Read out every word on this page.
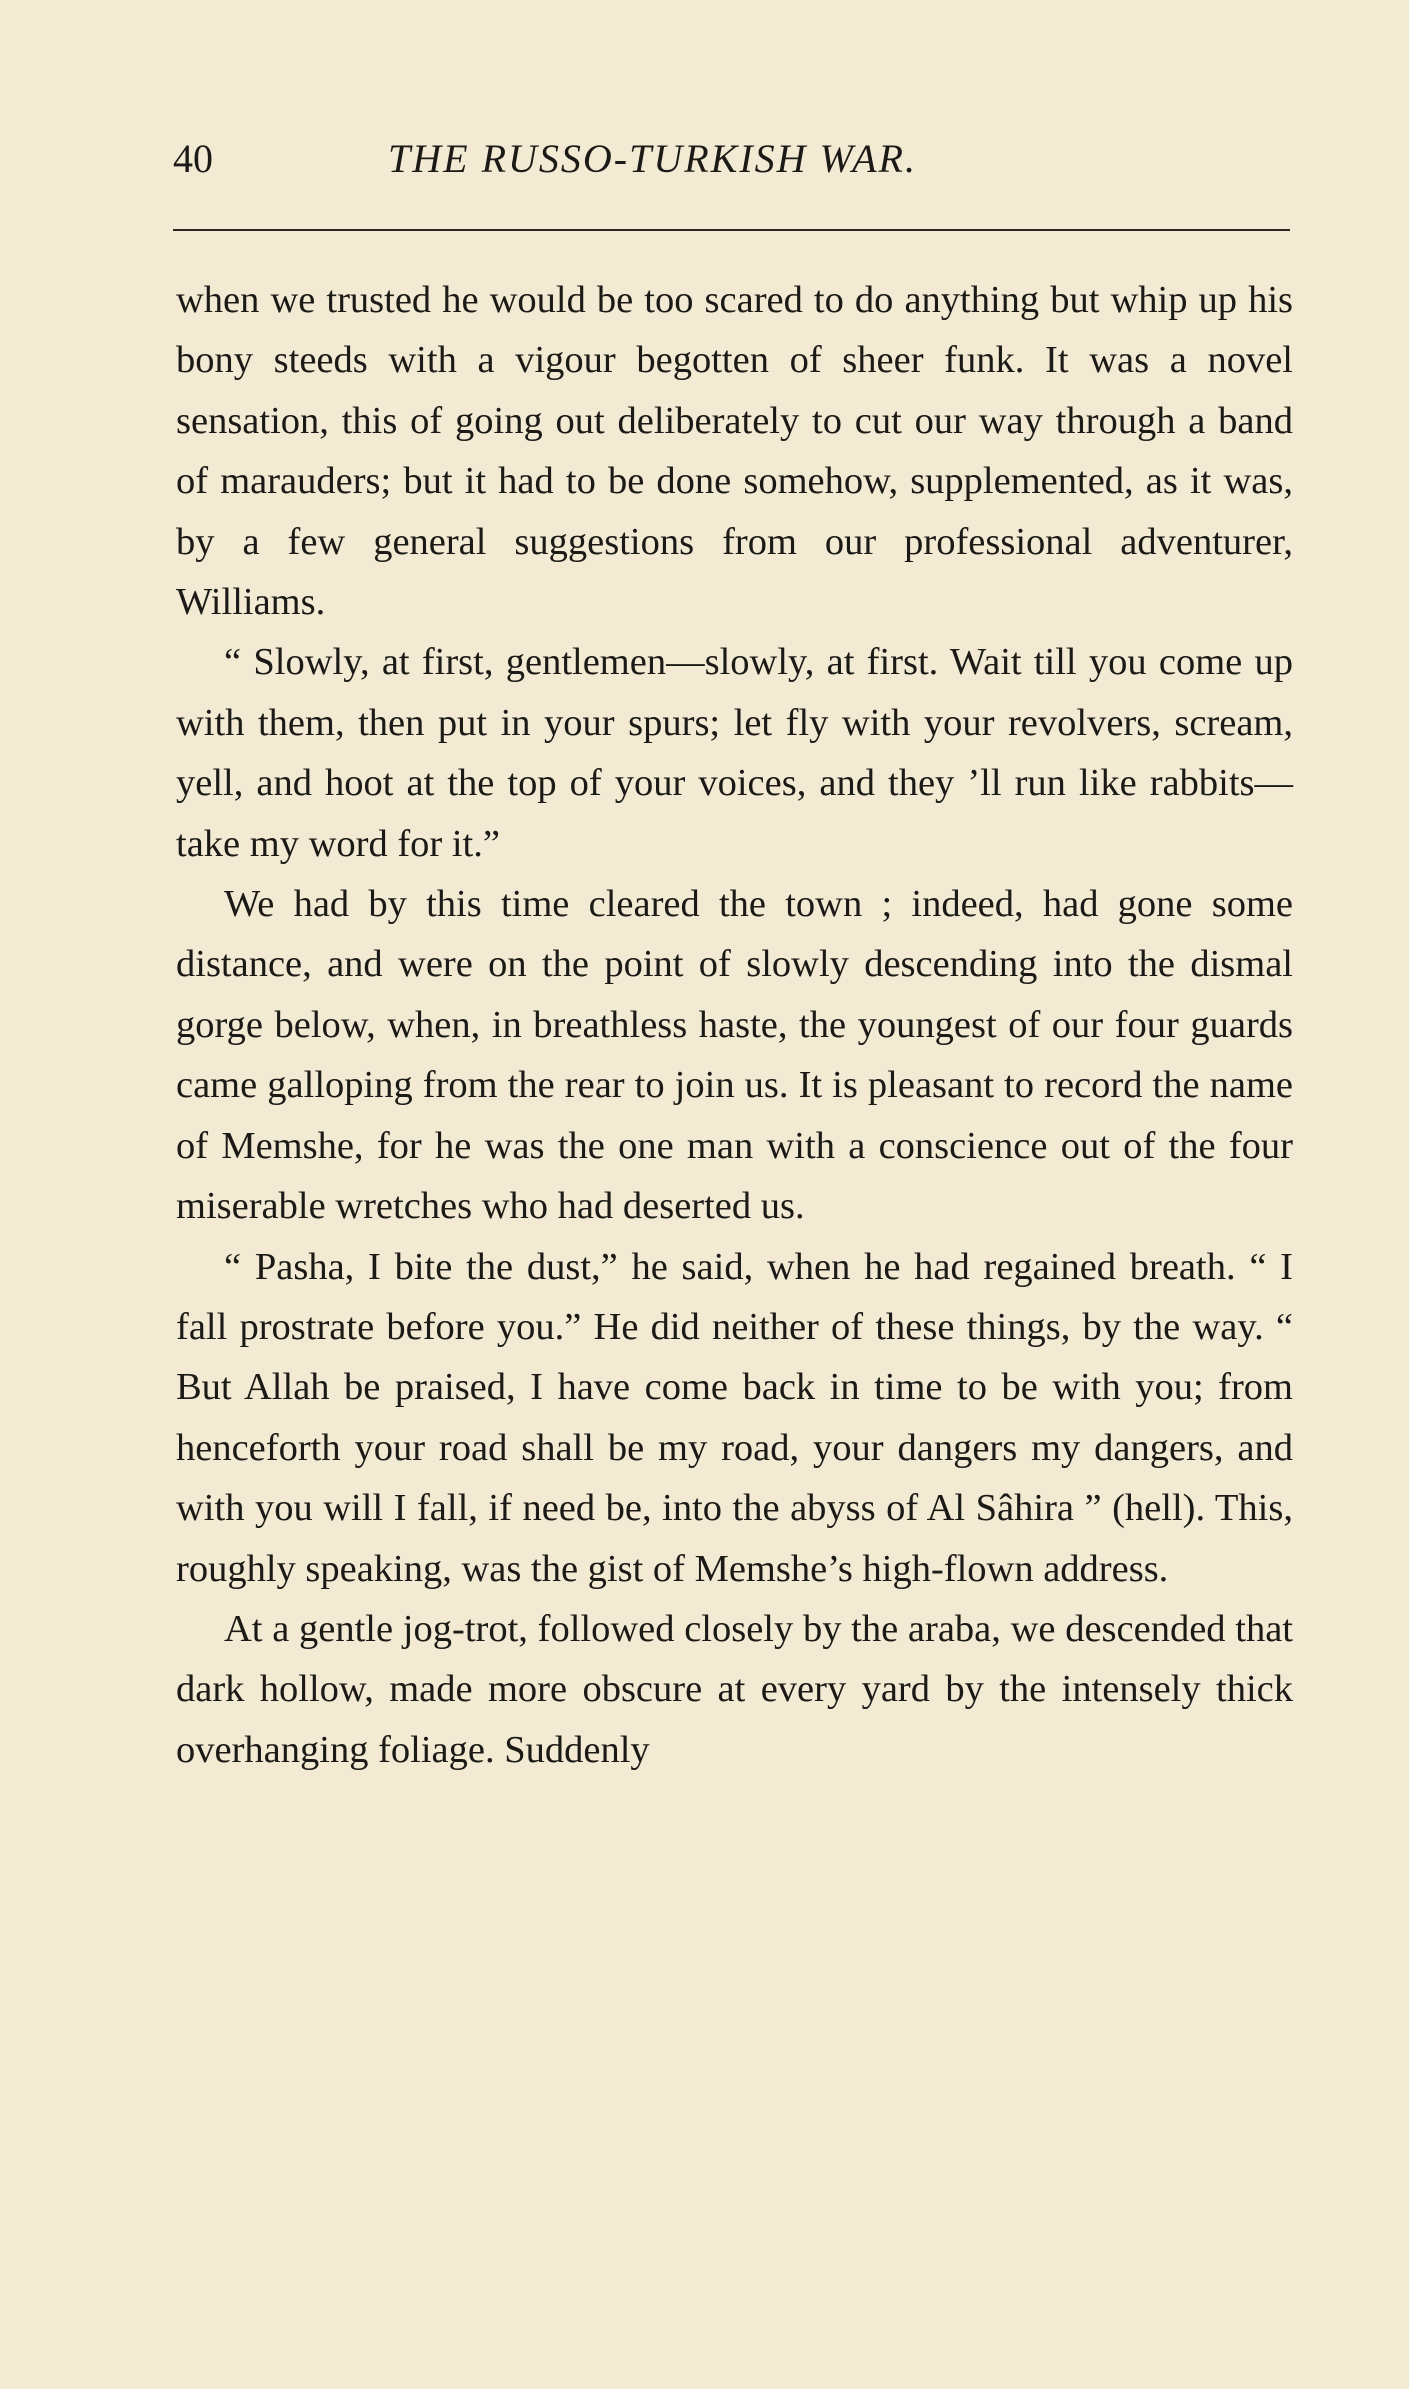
40	THE RUSSO-TURKISH WAR.

when we trusted he would be too scared to do anything but whip up his bony steeds with a vigour begotten of sheer funk. It was a novel sensation, this of going out deliberately to cut our way through a band of marauders; but it had to be done somehow, supplemented, as it was, by a few general suggestions from our professional adventurer, Williams.

“ Slowly, at first, gentlemen—slowly, at first. Wait till you come up with them, then put in your spurs; let fly with your revolvers, scream, yell, and hoot at the top of your voices, and they ’ll run like rabbits—take my word for it.”

We had by this time cleared the town ; indeed, had gone some distance, and were on the point of slowly descending into the dismal gorge below, when, in breathless haste, the youngest of our four guards came galloping from the rear to join us. It is pleasant to record the name of Memshe, for he was the one man with a conscience out of the four miserable wretches who had deserted us.

“ Pasha, I bite the dust,” he said, when he had regained breath. “ I fall prostrate before you.” He did neither of these things, by the way. “ But Allah be praised, I have come back in time to be with you; from henceforth your road shall be my road, your dangers my dangers, and with you will I fall, if need be, into the abyss of Al Sâhira ” (hell). This, roughly speaking, was the gist of Memshe’s high-flown address.

At a gentle jog-trot, followed closely by the araba, we descended that dark hollow, made more obscure at every yard by the intensely thick overhanging foliage. Suddenly
